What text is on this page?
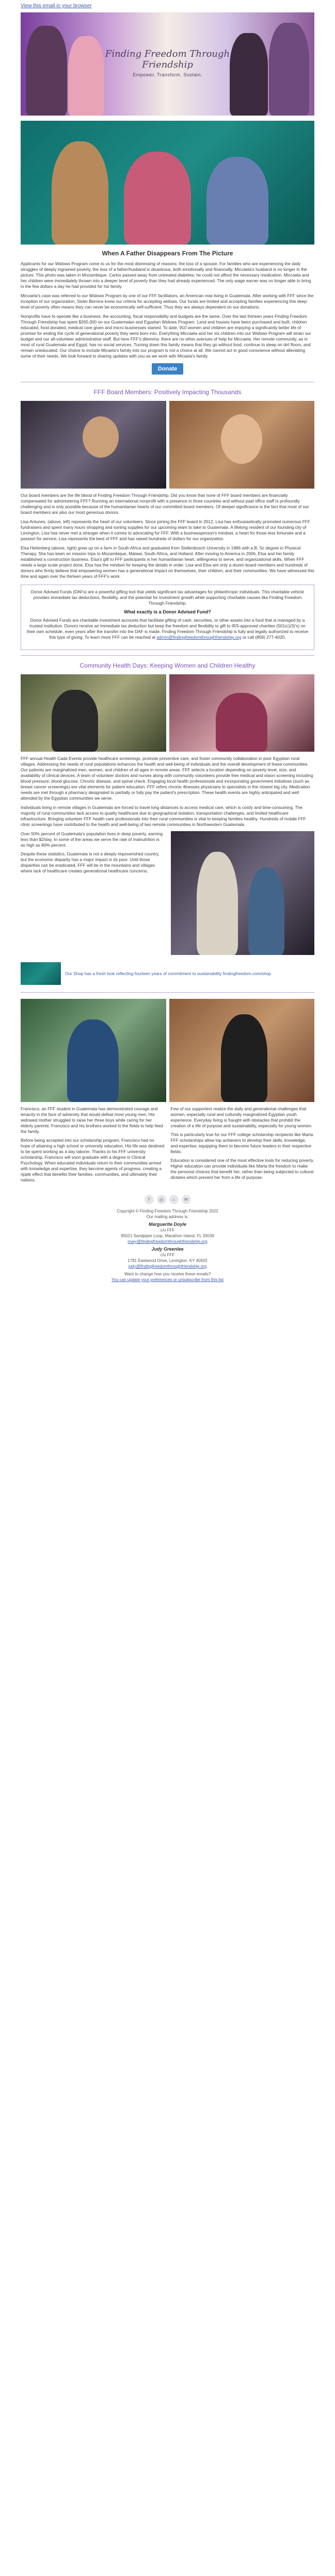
View this email in your browser
Finding Freedom Through Friendship
Empower. Transform. Sustain.
When A Father Disappears From The Picture

Applicants for our Widows Program come to us for the most distressing of reasons: the loss of a spouse. For families who are experiencing the daily struggles of deeply ingrained poverty, the loss of a father/husband is disastrous, both emotionally and financially. Miccaela's husband is no longer in the picture. This photo was taken in Mozambique. Carlos passed away from untreated diabetes; he could not afford the necessary medication. Miccaela and her children were immediately thrown into a deeper level of poverty than they had already experienced. The only wage earner was no longer able to bring in the few dollars a day he had provided for his family.

Miccaela's case was referred to our Widows Program by one of our FFF facilitators, an American now living in Guatemala. After working with FFF since the inception of our organization, Sister Bernice knew our criteria for accepting widows. Our funds are limited and accepting families experiencing this deep level of poverty often means they can never be economically self-sufficient. Thus they are always dependent on our donations.

Nonprofits have to operate like a business: the accounting, fiscal responsibility and budgets are the same. Over the last thirteen years Finding Freedom Through Friendship has spent $265,000 on our Guatemalan and Egyptian Widows Program. Land and houses have been purchased and built, children educated, food donated, medical care given and micro businesses started. To date, 910 women and children are enjoying a significantly better life of promise for ending the cycle of generational poverty they were born into. Everything Miccaela and her six children into our Widows Program will strain our budget and our all-volunteer administrative staff. But here FFF's dilemma: there are no other avenues of help for Miccaela. Her remote community, as in most of rural Guatemala and Egypt, has no social services. Turning down this family means that they go without food, continue to sleep on dirt floors, and remain uneducated. Our choice to include Micaela's family into our program is not a choice at all. We cannot act in good conscience without alleviating some of their needs. We look forward to sharing updates with you as we work with Micaela's family.

Donate
FFF Board Members: Positively Impacting Thousands

Our board members are the life blood of Finding Freedom Through Friendship. Did you know that none of FFF board members are financially compensated for administering FFF? Running an international nonprofit with a presence in three countries and without paid office staff is profoundly challenging and is only possible because of the humanitarian hearts of our committed board members. Of deeper significance is the fact that most of our board members are also our most generous donors.

Lisa Antunes, (above, left) represents the heart of our volunteers. Since joining the FFF board in 2012, Lisa has enthusiastically promoted numerous FFF fundraisers and spent many hours shopping and sorting supplies for our upcoming team to take to Guatemala. A lifelong resident of our founding city of Lexington, Lisa has never met a stranger when it comes to advocating for FFF. With a businessperson's mindset, a heart for those less fortunate and a passion for service, Lisa represents the best of FFF and has raised hundreds of dollars for our organization.

Elsa Heiterberg (above, right) grew up on a farm in South Africa and graduated from Stellenbosch University in 1986 with a B. Sc degree in Physical Therapy. She has been on mission trips to Mozambique, Malawi, South Africa, and Holland. After moving to America in 2006, Elsa and her family established a construction business. Elsa's gift to FFF participants is her humanitarian heart, willingness to serve, and organizational skills. When FFF needs a large scale project done, Elsa has the mindset for keeping the details in order. Lisa and Elsa are only a dozen board members and hundreds of donors who firmly believe that empowering women has a generational impact on themselves, their children, and their communities. We have witnessed this time and again over the thirteen years of FFF's work.

Donor Advised Funds (DAFs) are a powerful gifting tool that yields significant tax advantages for philanthropic individuals. This charitable vehicle provides immediate tax deductions, flexibility, and the potential for investment growth while supporting charitable causes like Finding Freedom Through Friendship.

What exactly is a Donor Advised Fund?

Donor Advised Funds are charitable investment accounts that facilitate gifting of cash, securities, or other assets into a fund that is managed by a trusted institution. Donors receive an immediate tax deduction but keep the freedom and flexibility to gift to IRS-approved charities (501(c)(3)'s) on their own schedule, even years after the transfer into the DAF is made. Finding Freedom Through Friendship is fully and legally authorized to receive this type of giving. To learn more FFF can be reached at admin@findingfreedomthroughfriendship.org or call (859) 277-4020.

Community Health Days: Keeping Women and Children Healthy

FFF annual Health Cada Events provide healthcare screenings, promote preventive care, and foster community collaboration in poor Egyptian rural villages. Addressing the needs of rural populations enhances the health and well-being of individuals and the overall development of these communities. Our patients are marginalized men, women, and children of all ages in remote areas. FFF selects a location depending on poverty level, size, and availability of clinical devices. A team of volunteer doctors and nurses along with community volunteers provide free medical and vision screening including blood pressure, blood glucose, Chronic disease, and spinal check. Engaging local health professionals and incorporating government initiatives (such as breast cancer screenings) are vital elements for patient education. FFF refers chronic illnesses physicians to specialists in the closest big city. Medication needs are met through a pharmacy designated to partially or fully pay the patient's prescription. These health events are highly anticipated and well attended by the Egyptian communities we serve.

Individuals living in remote villages in Guatemala are forced to travel long distances to access medical care, which is costly and time-consuming. The majority of rural communities lack access to quality healthcare due to geographical isolation, transportation challenges, and limited healthcare infrastructure. Bringing volunteer FFF health care professionals into their rural communities is vital to keeping families healthy. Hundreds of mobile FFF clinic screenings have contributed to the health and well-being of two remote communities in Northwestern Guatemala.

Over 50% percent of Guatemala's population lives in deep poverty, earning less than $2/day. In some of the areas we serve the rate of malnutrition is as high as 80% percent.

Despite these statistics, Guatemala is not a deeply impoverished country, but the economic disparity has a major impact in its poor. Until those disparities can be eradicated, FFF will be in the mountains and villages where lack of healthcare creates generational healthcare concerns.

Our Shop has a fresh look reflecting fourteen years of commitment to sustainability findingfreedom.com/shop

Francisco, an FFF student in Guatemala has demonstrated courage and tenacity in the face of adversity that would defeat most young men. His widowed mother struggled to raise her three boys while caring for her elderly parents. Francisco and his brothers worked in the fields to help feed the family.

Before being accepted into our scholarship program, Francisco had no hope of attaining a high school or university education. His life was destined to be spent working as a day laborer. Thanks to his FFF university scholarship, Francisco will soon graduate with a degree in Clinical Psychology. When educated individuals return to their communities armed with knowledge and expertise, they become agents of progress, creating a ripple effect that benefits their families, communities, and ultimately their nations.

Few of our supporters realize the daily and generational challenges that women, especially rural and culturally marginalized Egyptian youth experience. Everyday living is fraught with obstacles that prohibit the creation of a life of purpose and sustainability, especially for young women.

This is particularly true for our FFF college scholarship recipients like Marta. FFF scholarships allow top achievers to develop their skills, knowledge, and expertise, equipping them to become future leaders in their respective fields.

Education is considered one of the most effective tools for reducing poverty. Higher education can provide individuals like Marta the freedom to make the personal choices that benefit her, rather than being subjected to cultural dictates which prevent her from a life of purpose.

f ◎ ⌂ ✉
Copyright © Finding Freedom Through Friendship 2022
Our mailing address is:
Marguerite Doyle
c/o FFF
95021 Sandpiper Loop, Marathon Island, FL 33036
mary@findingfreedomthroughfriendship.org
Judy Greenlee
c/o FFF
1791 Eastwood Drive, Lexington, KY 40502
judy@findingfreedomthroughfriendship.org
Want to change how you receive these emails?
You can update your preferences or unsubscribe from this list
